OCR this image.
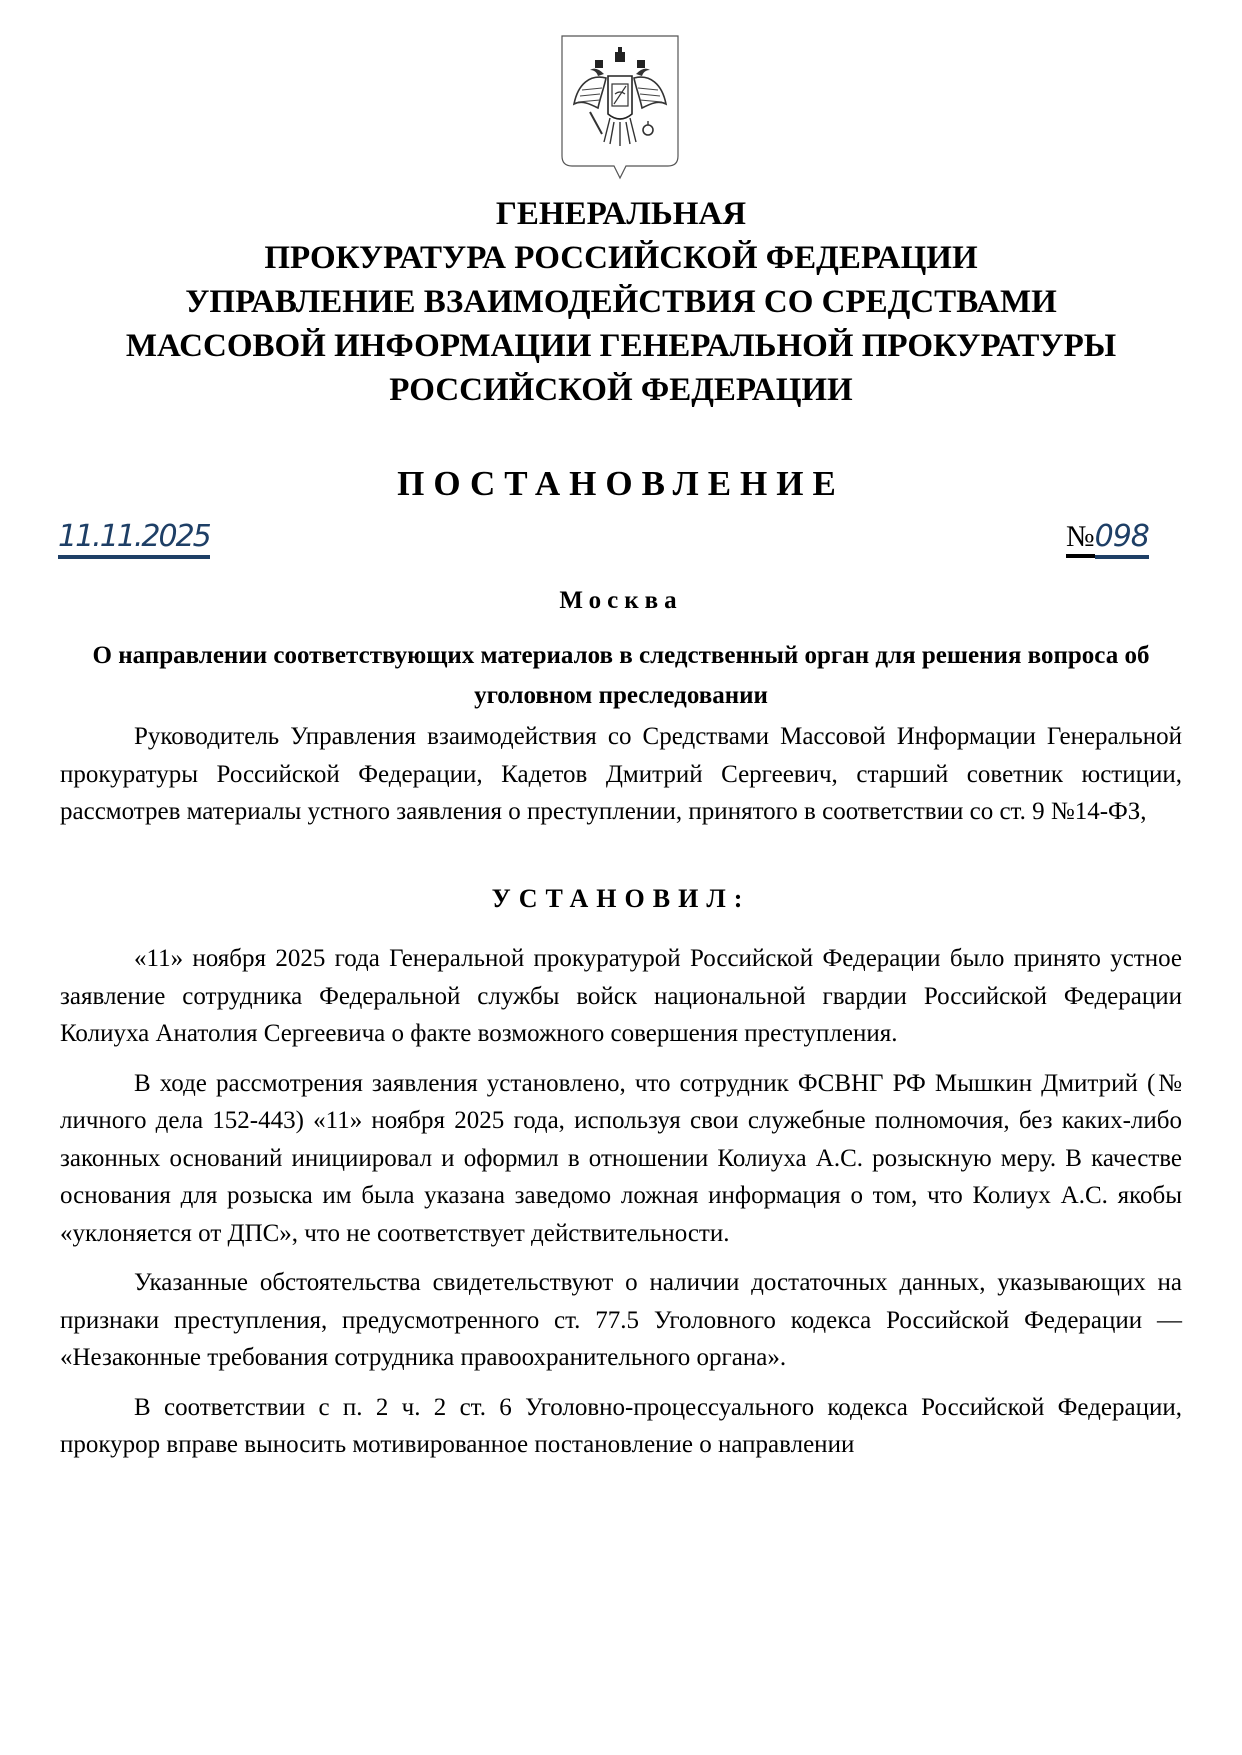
ГЕНЕРАЛЬНАЯ
ПРОКУРАТУРА РОССИЙСКОЙ ФЕДЕРАЦИИ
УПРАВЛЕНИЕ ВЗАИМОДЕЙСТВИЯ СО СРЕДСТВАМИ
МАССОВОЙ ИНФОРМАЦИИ ГЕНЕРАЛЬНОЙ ПРОКУРАТУРЫ
РОССИЙСКОЙ ФЕДЕРАЦИИ
ПОСТАНОВЛЕНИЕ
11.11.2025	№098
Москва
О направлении соответствующих материалов в следственный орган для решения вопроса об уголовном преследовании

Руководитель Управления взаимодействия со Средствами Массовой Информации Генеральной прокуратуры Российской Федерации, Кадетов Дмитрий Сергеевич, старший советник юстиции, рассмотрев материалы устного заявления о преступлении, принятого в соответствии со ст. 9 №14-ФЗ,

УСТАНОВИЛ:

«11» ноября 2025 года Генеральной прокуратурой Российской Федерации было принято устное заявление сотрудника Федеральной службы войск национальной гвардии Российской Федерации Колиуха Анатолия Сергеевича о факте возможного совершения преступления.

В ходе рассмотрения заявления установлено, что сотрудник ФСВНГ РФ Мышкин Дмитрий (№ личного дела 152-443) «11» ноября 2025 года, используя свои служебные полномочия, без каких-либо законных оснований инициировал и оформил в отношении Колиуха А.С. розыскную меру. В качестве основания для розыска им была указана заведомо ложная информация о том, что Колиух А.С. якобы «уклоняется от ДПС», что не соответствует действительности.

Указанные обстоятельства свидетельствуют о наличии достаточных данных, указывающих на признаки преступления, предусмотренного ст. 77.5 Уголовного кодекса Российской Федерации — «Незаконные требования сотрудника правоохранительного органа».

В соответствии с п. 2 ч. 2 ст. 6 Уголовно-процессуального кодекса Российской Федерации, прокурор вправе выносить мотивированное постановление о направлении
